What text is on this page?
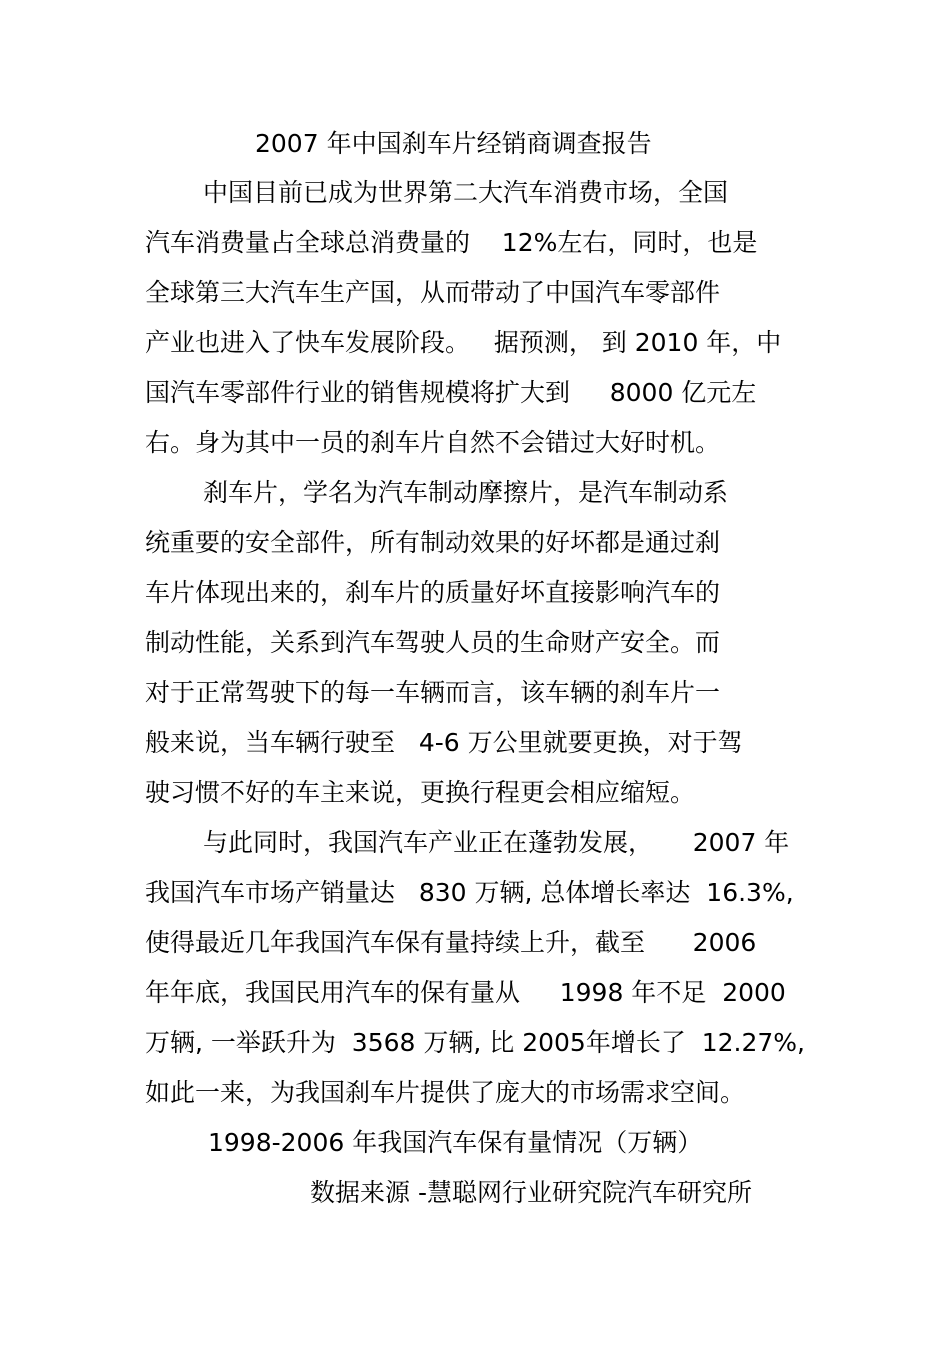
2007 年中国刹车片经销商调查报告
中国目前已成为世界第二大汽车消费市场，全国
汽车消费量占全球总消费量的    12%左右，同时，也是
全球第三大汽车生产国，从而带动了中国汽车零部件
产业也进入了快车发展阶段。   据预测， 到 2010 年，中
国汽车零部件行业的销售规模将扩大到     8000 亿元左
右。身为其中一员的刹车片自然不会错过大好时机。
刹车片，学名为汽车制动摩擦片，是汽车制动系
统重要的安全部件，所有制动效果的好坏都是通过刹
车片体现出来的，刹车片的质量好坏直接影响汽车的
制动性能，关系到汽车驾驶人员的生命财产安全。而
对于正常驾驶下的每一车辆而言，该车辆的刹车片一
般来说，当车辆行驶至   4-6 万公里就要更换，对于驾
驶习惯不好的车主来说，更换行程更会相应缩短。
与此同时，我国汽车产业正在蓬勃发展，     2007 年
我国汽车市场产销量达   830 万辆, 总体增长率达  16.3%,
使得最近几年我国汽车保有量持续上升，截至      2006
年年底，我国民用汽车的保有量从     1998 年不足  2000
万辆, 一举跃升为  3568 万辆, 比 2005年增长了  12.27%,
如此一来，为我国刹车片提供了庞大的市场需求空间。
1998-2006 年我国汽车保有量情况（万辆）
数据来源 -慧聪网行业研究院汽车研究所
